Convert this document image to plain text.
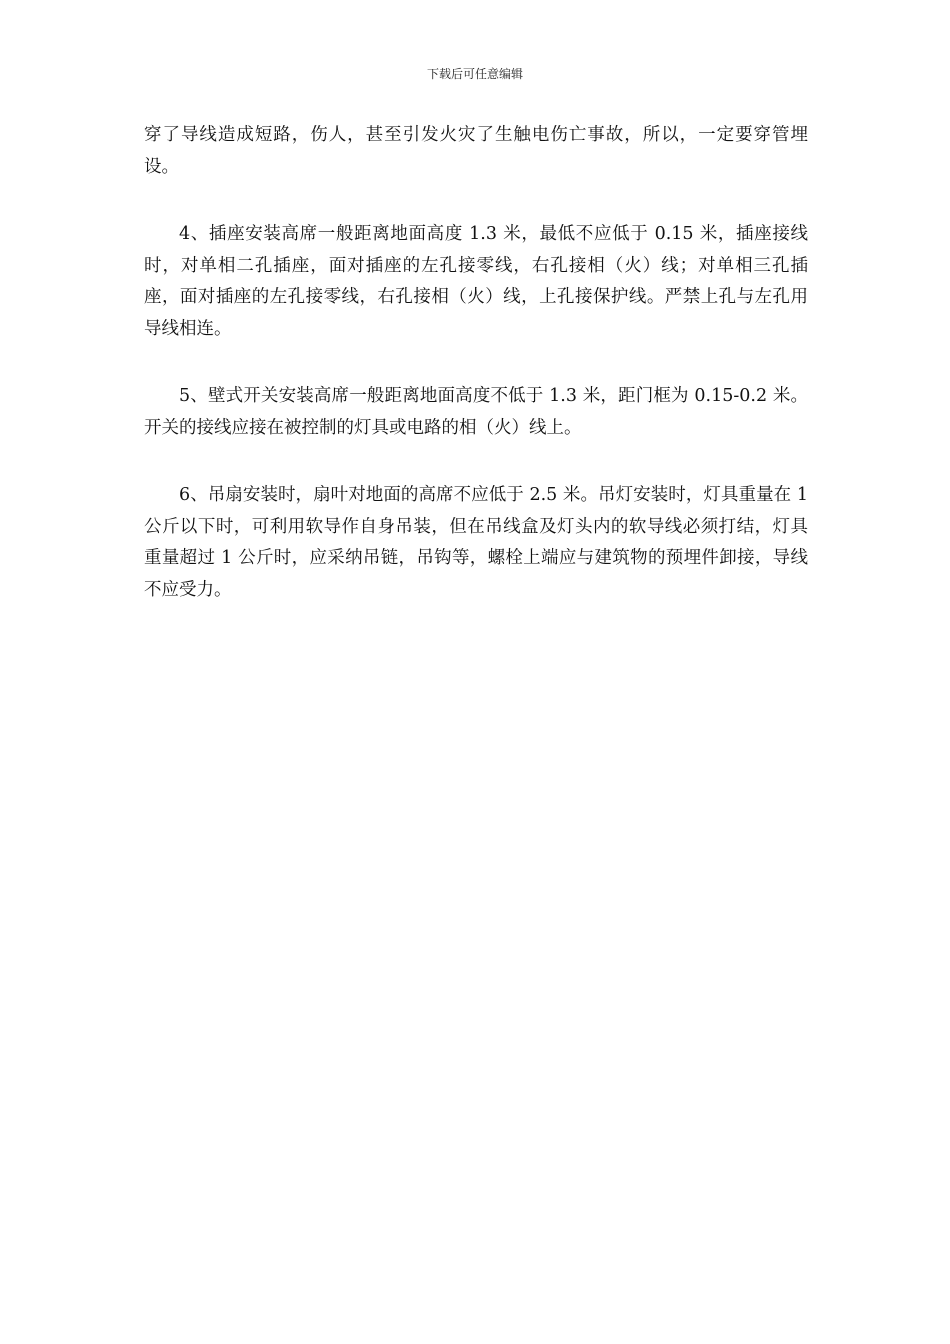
下载后可任意编辑

穿了导线造成短路，伤人，甚至引发火灾了生触电伤亡事故，所以，一定要穿管埋设。

4、插座安装高席一般距离地面高度 1.3 米，最低不应低于 0.15 米，插座接线时，对单相二孔插座，面对插座的左孔接零线，右孔接相（火）线；对单相三孔插座，面对插座的左孔接零线，右孔接相（火）线，上孔接保护线。严禁上孔与左孔用导线相连。

5、壁式开关安装高席一般距离地面高度不低于 1.3 米，距门框为 0.15-0.2 米。开关的接线应接在被控制的灯具或电路的相（火）线上。

6、吊扇安装时，扇叶对地面的高席不应低于 2.5 米。吊灯安装时，灯具重量在 1 公斤以下时，可利用软导作自身吊装，但在吊线盒及灯头内的软导线必须打结，灯具重量超过 1 公斤时，应采纳吊链，吊钩等，螺栓上端应与建筑物的预埋件卸接，导线不应受力。
